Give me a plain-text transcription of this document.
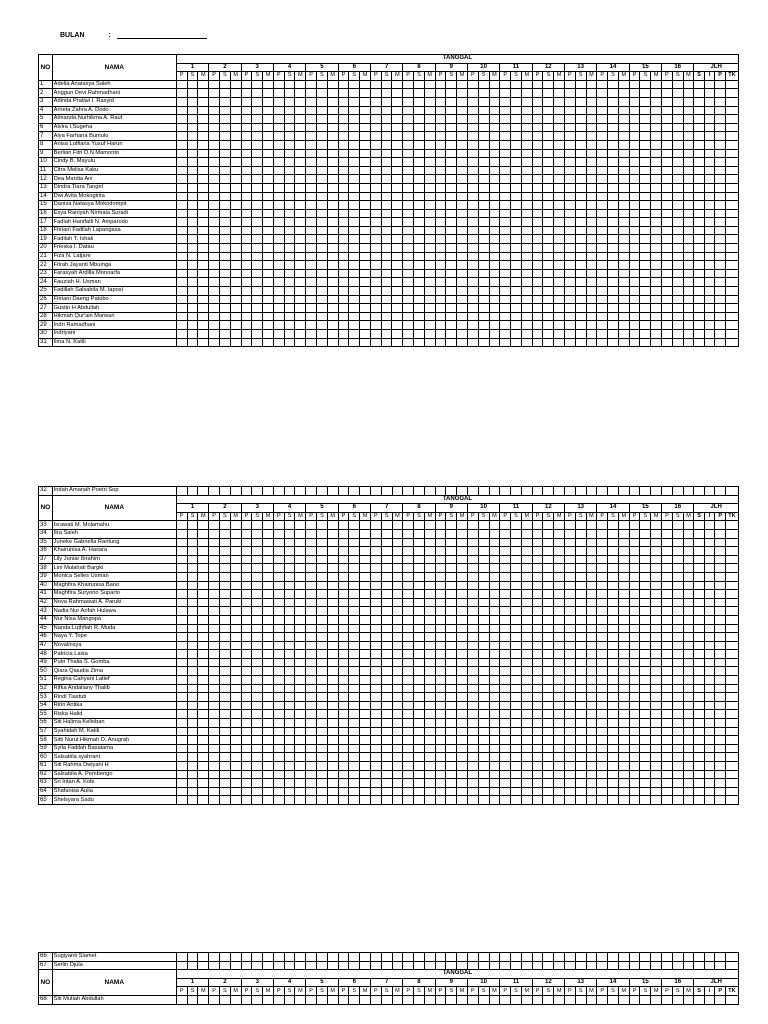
BULAN	:
NO	NAMA	TANGGAL																																																			
		1			2			3			4			5			6			7			8			9			10			11			12			13			14			15			16			JLH			
		P	S	M	P	S	M	P	S	M	P	S	M	P	S	M	P	S	M	P	S	M	P	S	M	P	S	M	P	S	M	P	S	M	P	S	M	P	S	M	P	S	M	P	S	M	P	S	M	S	I	P	TK
1	Adelia Anatasya Saleh																																																				
2	Anggun Devi Rahmadhani																																																				
3	Adinda Pratiwi I. Rasyid																																																				
4	Arneta Zahra A. Dodo																																																				
5	Almanda Nurhikma A. Rauf																																																				
6	Alvira I.Sugeha																																																				
7	Alya Farhana Bumulo																																																				
8	Anisa Lutfiana Yusuf Harun																																																				
9	Berlian Fitri D.N Mamonto																																																				
10	Cindy B. Mayulu																																																				
11	Citra Melisa Kaku																																																				
12	Dea Mardia Ani																																																				
13	Dindra Tiara Tangel																																																				
14	Dwi Avita Mokoginta																																																				
15	Danisa Natasya Mokodompit																																																				
16	Esya Raniyah Nirmala Suradi																																																				
17	Fadiah Hanifatli N. Amparodo																																																				
18	Fitriani Fadilah Lapangasa																																																				
19	Fadilah T. Ishak																																																				
20	Frieska I. Datau																																																				
21	Fiza N. Latjare																																																				
22	Fitrah Jayanti Mbuinga																																																				
23	Farasyah Ardilla Monoarfa																																																				
24	Fauziah H. Usman																																																				
25	Fadillah Salsabila M. Iaposi																																																				
26	Fitriani Daeng Patobo																																																				
27	Gustin H Abdullah																																																				
28	Hikmah Qur'ain Marwan																																																				
29	Indri Ramadhani																																																				
30	Indriyani																																																				
31	Ilma N. Katili																																																				
32	Indah Amanah Poetri Sop																																																				
NO	NAMA	TANGGAL																																																			
		1			2			3			4			5			6			7			8			9			10			11			12			13			14			15			16			JLH			
		P	S	M	P	S	M	P	S	M	P	S	M	P	S	M	P	S	M	P	S	M	P	S	M	P	S	M	P	S	M	P	S	M	P	S	M	P	S	M	P	S	M	P	S	M	P	S	M	S	I	P	TK
33	Israwati M. Molamahu																																																				
34	Itra Saleh																																																				
35	Juneke Gabriella Rantung																																																				
36	Khairunisa A. Hasara																																																				
37	Lily Juniar Ibrahim																																																				
38	Lini Mulahati Bargki																																																				
39	Monica Selles Usman																																																				
40	Maghfira Khairunisa Bano																																																				
41	Maghfira Suryono Suparto																																																				
42	Nova Rahmawati A. Paruki																																																				
43	Nadia Nur Arifah Hulawa																																																				
44	Nur Nisa Mangopa																																																				
45	Nanda Luthfiah R. Muda																																																				
46	Naya Y. Tope																																																				
47	Novalinsya																																																				
48	Patricia Laisa																																																				
49	Putri Thalia S. Gomba																																																				
50	Qiara Qiaudia Zima																																																				
51	Regina Cahyani Latief																																																				
52	Rifka Andaliany Thalib																																																				
53	Rindi Tiastuti																																																				
54	Ririn Antika																																																				
55	Riska Halid																																																				
56	Siti Halima Kelioban																																																				
57	Syahidah M. Katili																																																				
58	Sitti Nurul Hikmah D. Anugrah																																																				
59	Syila Fadilah Basalama																																																				
60	Salsabila syahrani																																																				
61	Siti Rahma Dwiyani H																																																				
62	Salsabila A. Pembengo																																																				
63	Sri Intan A. Kobi																																																				
64	Shafanisa Aulia																																																				
65	Shelsyara Sadu																																																				
66	Sugiyanti Slamet																																																				
67	Serlin Djula																																																				
NO	NAMA	TANGGAL																																																			
		1			2			3			4			5			6			7			8			9			10			11			12			13			14			15			16			JLH			
		P	S	M	P	S	M	P	S	M	P	S	M	P	S	M	P	S	M	P	S	M	P	S	M	P	S	M	P	S	M	P	S	M	P	S	M	P	S	M	P	S	M	P	S	M	P	S	M	S	I	P	TK
68	Siti Mutiah Abdullah																																																				
